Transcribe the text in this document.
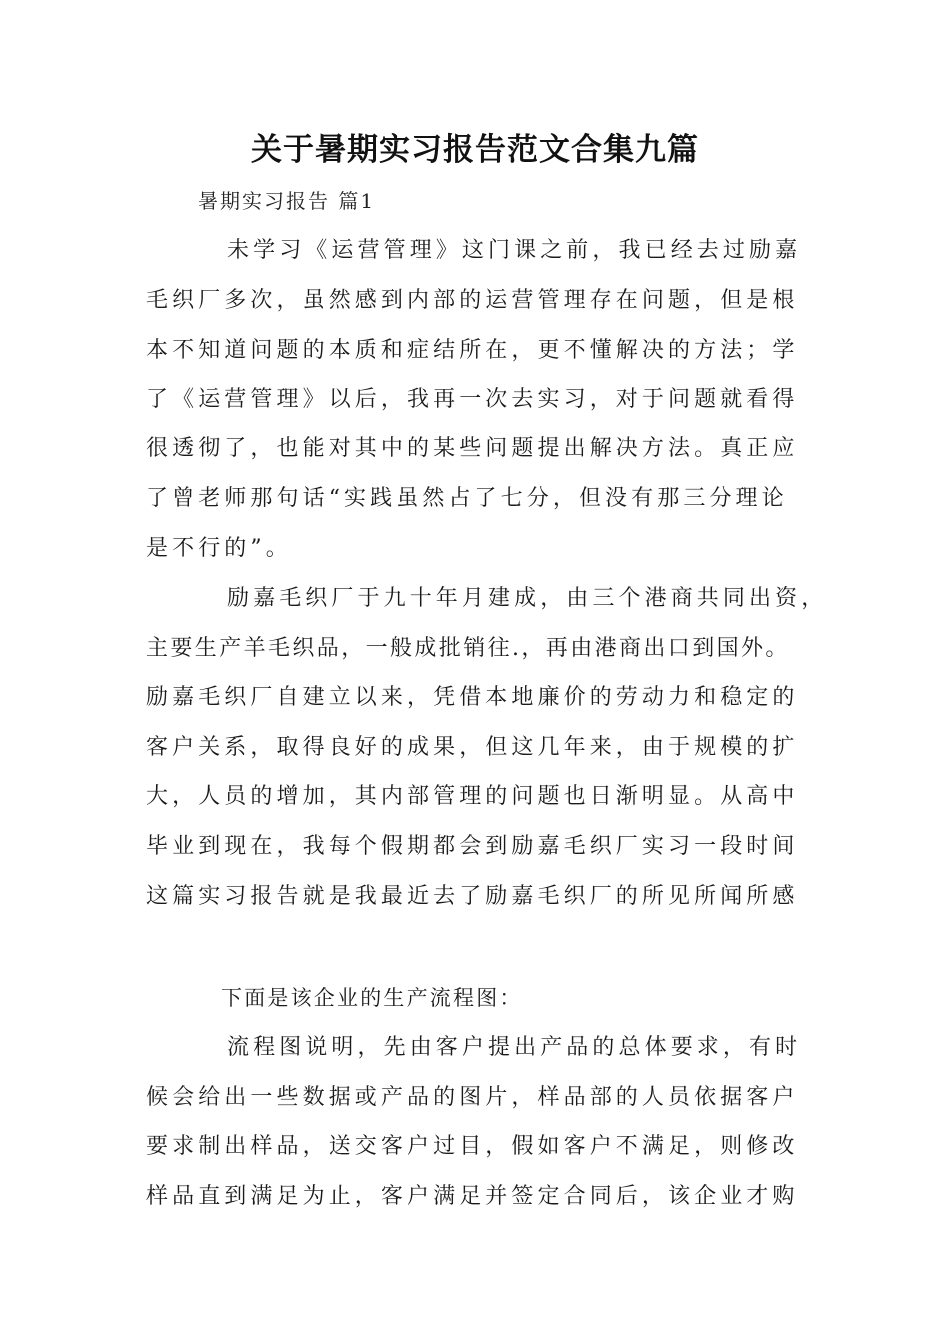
关于暑期实习报告范文合集九篇
暑期实习报告 篇1
未学习《运营管理》这门课之前，我已经去过励嘉
毛织厂多次，虽然感到内部的运营管理存在问题，但是根
本不知道问题的本质和症结所在，更不懂解决的方法；学
了《运营管理》以后，我再一次去实习，对于问题就看得
很透彻了，也能对其中的某些问题提出解决方法。真正应
了曾老师那句话“实践虽然占了七分，但没有那三分理论
是不行的”。
励嘉毛织厂于九十年月建成，由三个港商共同出资，
主要生产羊毛织品，一般成批销往.，再由港商出口到国外。
励嘉毛织厂自建立以来，凭借本地廉价的劳动力和稳定的
客户关系，取得良好的成果，但这几年来，由于规模的扩
大，人员的增加，其内部管理的问题也日渐明显。从高中
毕业到现在，我每个假期都会到励嘉毛织厂实习一段时间
这篇实习报告就是我最近去了励嘉毛织厂的所见所闻所感
下面是该企业的生产流程图：
流程图说明，先由客户提出产品的总体要求，有时
候会给出一些数据或产品的图片，样品部的人员依据客户
要求制出样品，送交客户过目，假如客户不满足，则修改
样品直到满足为止，客户满足并签定合同后，该企业才购
